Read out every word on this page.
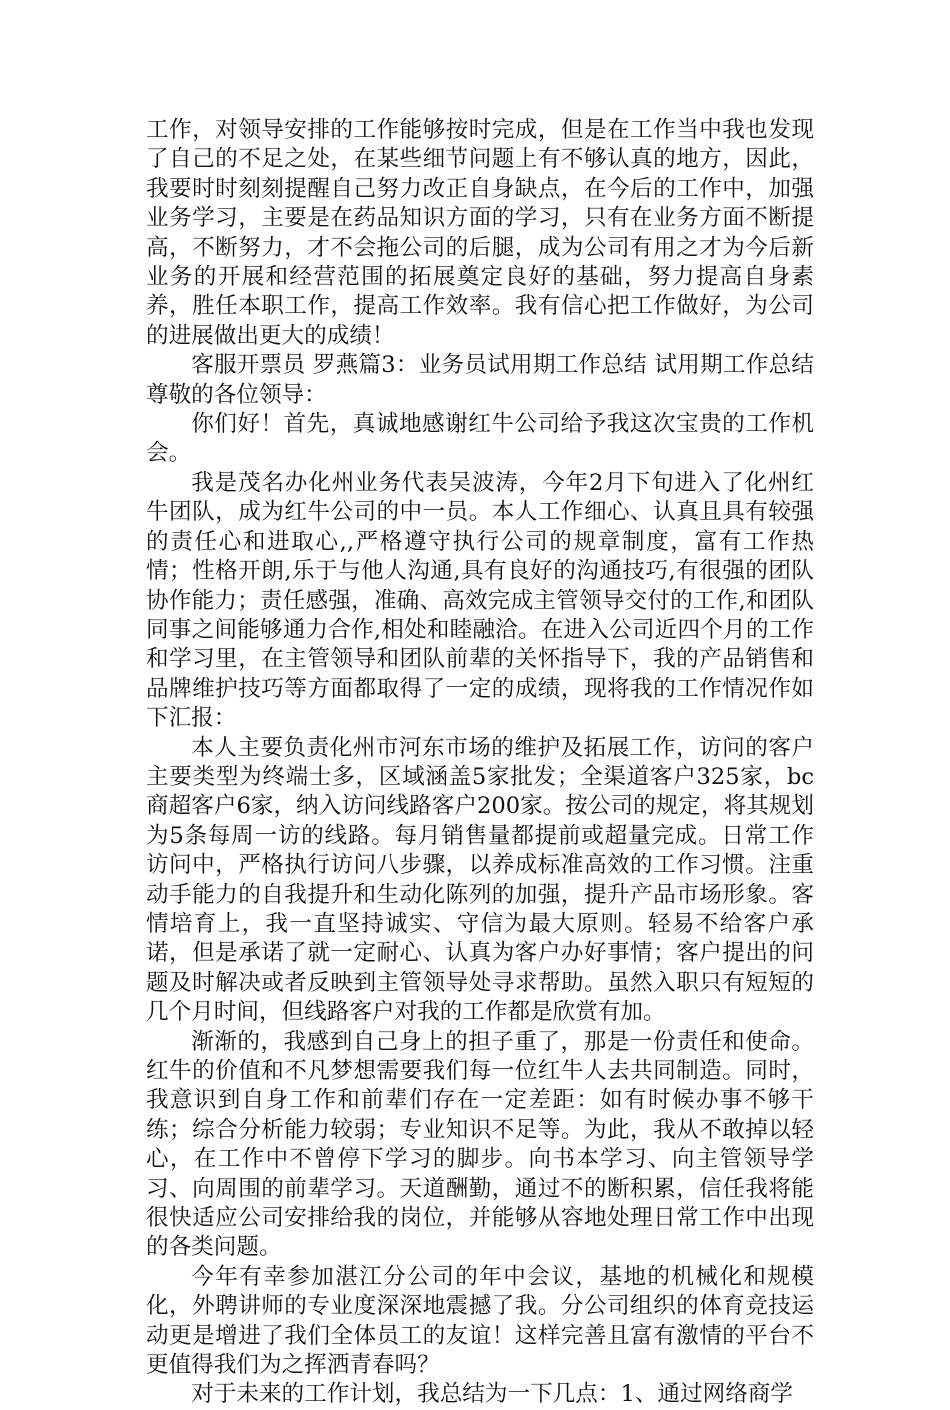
工作，对领导安排的工作能够按时完成，但是在工作当中我也发现了自己的不足之处，在某些细节问题上有不够认真的地方，因此，我要时时刻刻提醒自己努力改正自身缺点，在今后的工作中，加强业务学习，主要是在药品知识方面的学习，只有在业务方面不断提高，不断努力，才不会拖公司的后腿，成为公司有用之才为今后新业务的开展和经营范围的拓展奠定良好的基础，努力提高自身素养，胜任本职工作，提高工作效率。我有信心把工作做好，为公司的进展做出更大的成绩！

客服开票员 罗燕篇3：业务员试用期工作总结 试用期工作总结 尊敬的各位领导：

你们好！首先，真诚地感谢红牛公司给予我这次宝贵的工作机会。

我是茂名办化州业务代表吴波涛，今年2月下旬进入了化州红牛团队，成为红牛公司的中一员。本人工作细心、认真且具有较强的责任心和进取心,,严格遵守执行公司的规章制度，富有工作热情；性格开朗,乐于与他人沟通,具有良好的沟通技巧,有很强的团队协作能力；责任感强，准确、高效完成主管领导交付的工作,和团队同事之间能够通力合作,相处和睦融洽。在进入公司近四个月的工作和学习里，在主管领导和团队前辈的关怀指导下，我的产品销售和品牌维护技巧等方面都取得了一定的成绩，现将我的工作情况作如下汇报：

本人主要负责化州市河东市场的维护及拓展工作，访问的客户主要类型为终端士多，区域涵盖5家批发；全渠道客户325家，bc商超客户6家，纳入访问线路客户200家。按公司的规定，将其规划为5条每周一访的线路。每月销售量都提前或超量完成。日常工作访问中，严格执行访问八步骤，以养成标准高效的工作习惯。注重动手能力的自我提升和生动化陈列的加强，提升产品市场形象。客情培育上，我一直坚持诚实、守信为最大原则。轻易不给客户承诺，但是承诺了就一定耐心、认真为客户办好事情；客户提出的问题及时解决或者反映到主管领导处寻求帮助。虽然入职只有短短的几个月时间，但线路客户对我的工作都是欣赏有加。

渐渐的，我感到自己身上的担子重了，那是一份责任和使命。红牛的价值和不凡梦想需要我们每一位红牛人去共同制造。同时，我意识到自身工作和前辈们存在一定差距：如有时候办事不够干练；综合分析能力较弱；专业知识不足等。为此，我从不敢掉以轻心，在工作中不曾停下学习的脚步。向书本学习、向主管领导学习、向周围的前辈学习。天道酬勤，通过不的断积累，信任我将能很快适应公司安排给我的岗位，并能够从容地处理日常工作中出现的各类问题。

今年有幸参加湛江分公司的年中会议，基地的机械化和规模化，外聘讲师的专业度深深地震撼了我。分公司组织的体育竞技运动更是增进了我们全体员工的友谊！这样完善且富有激情的平台不更值得我们为之挥洒青春吗？

对于未来的工作计划，我总结为一下几点：1、通过网络商学
